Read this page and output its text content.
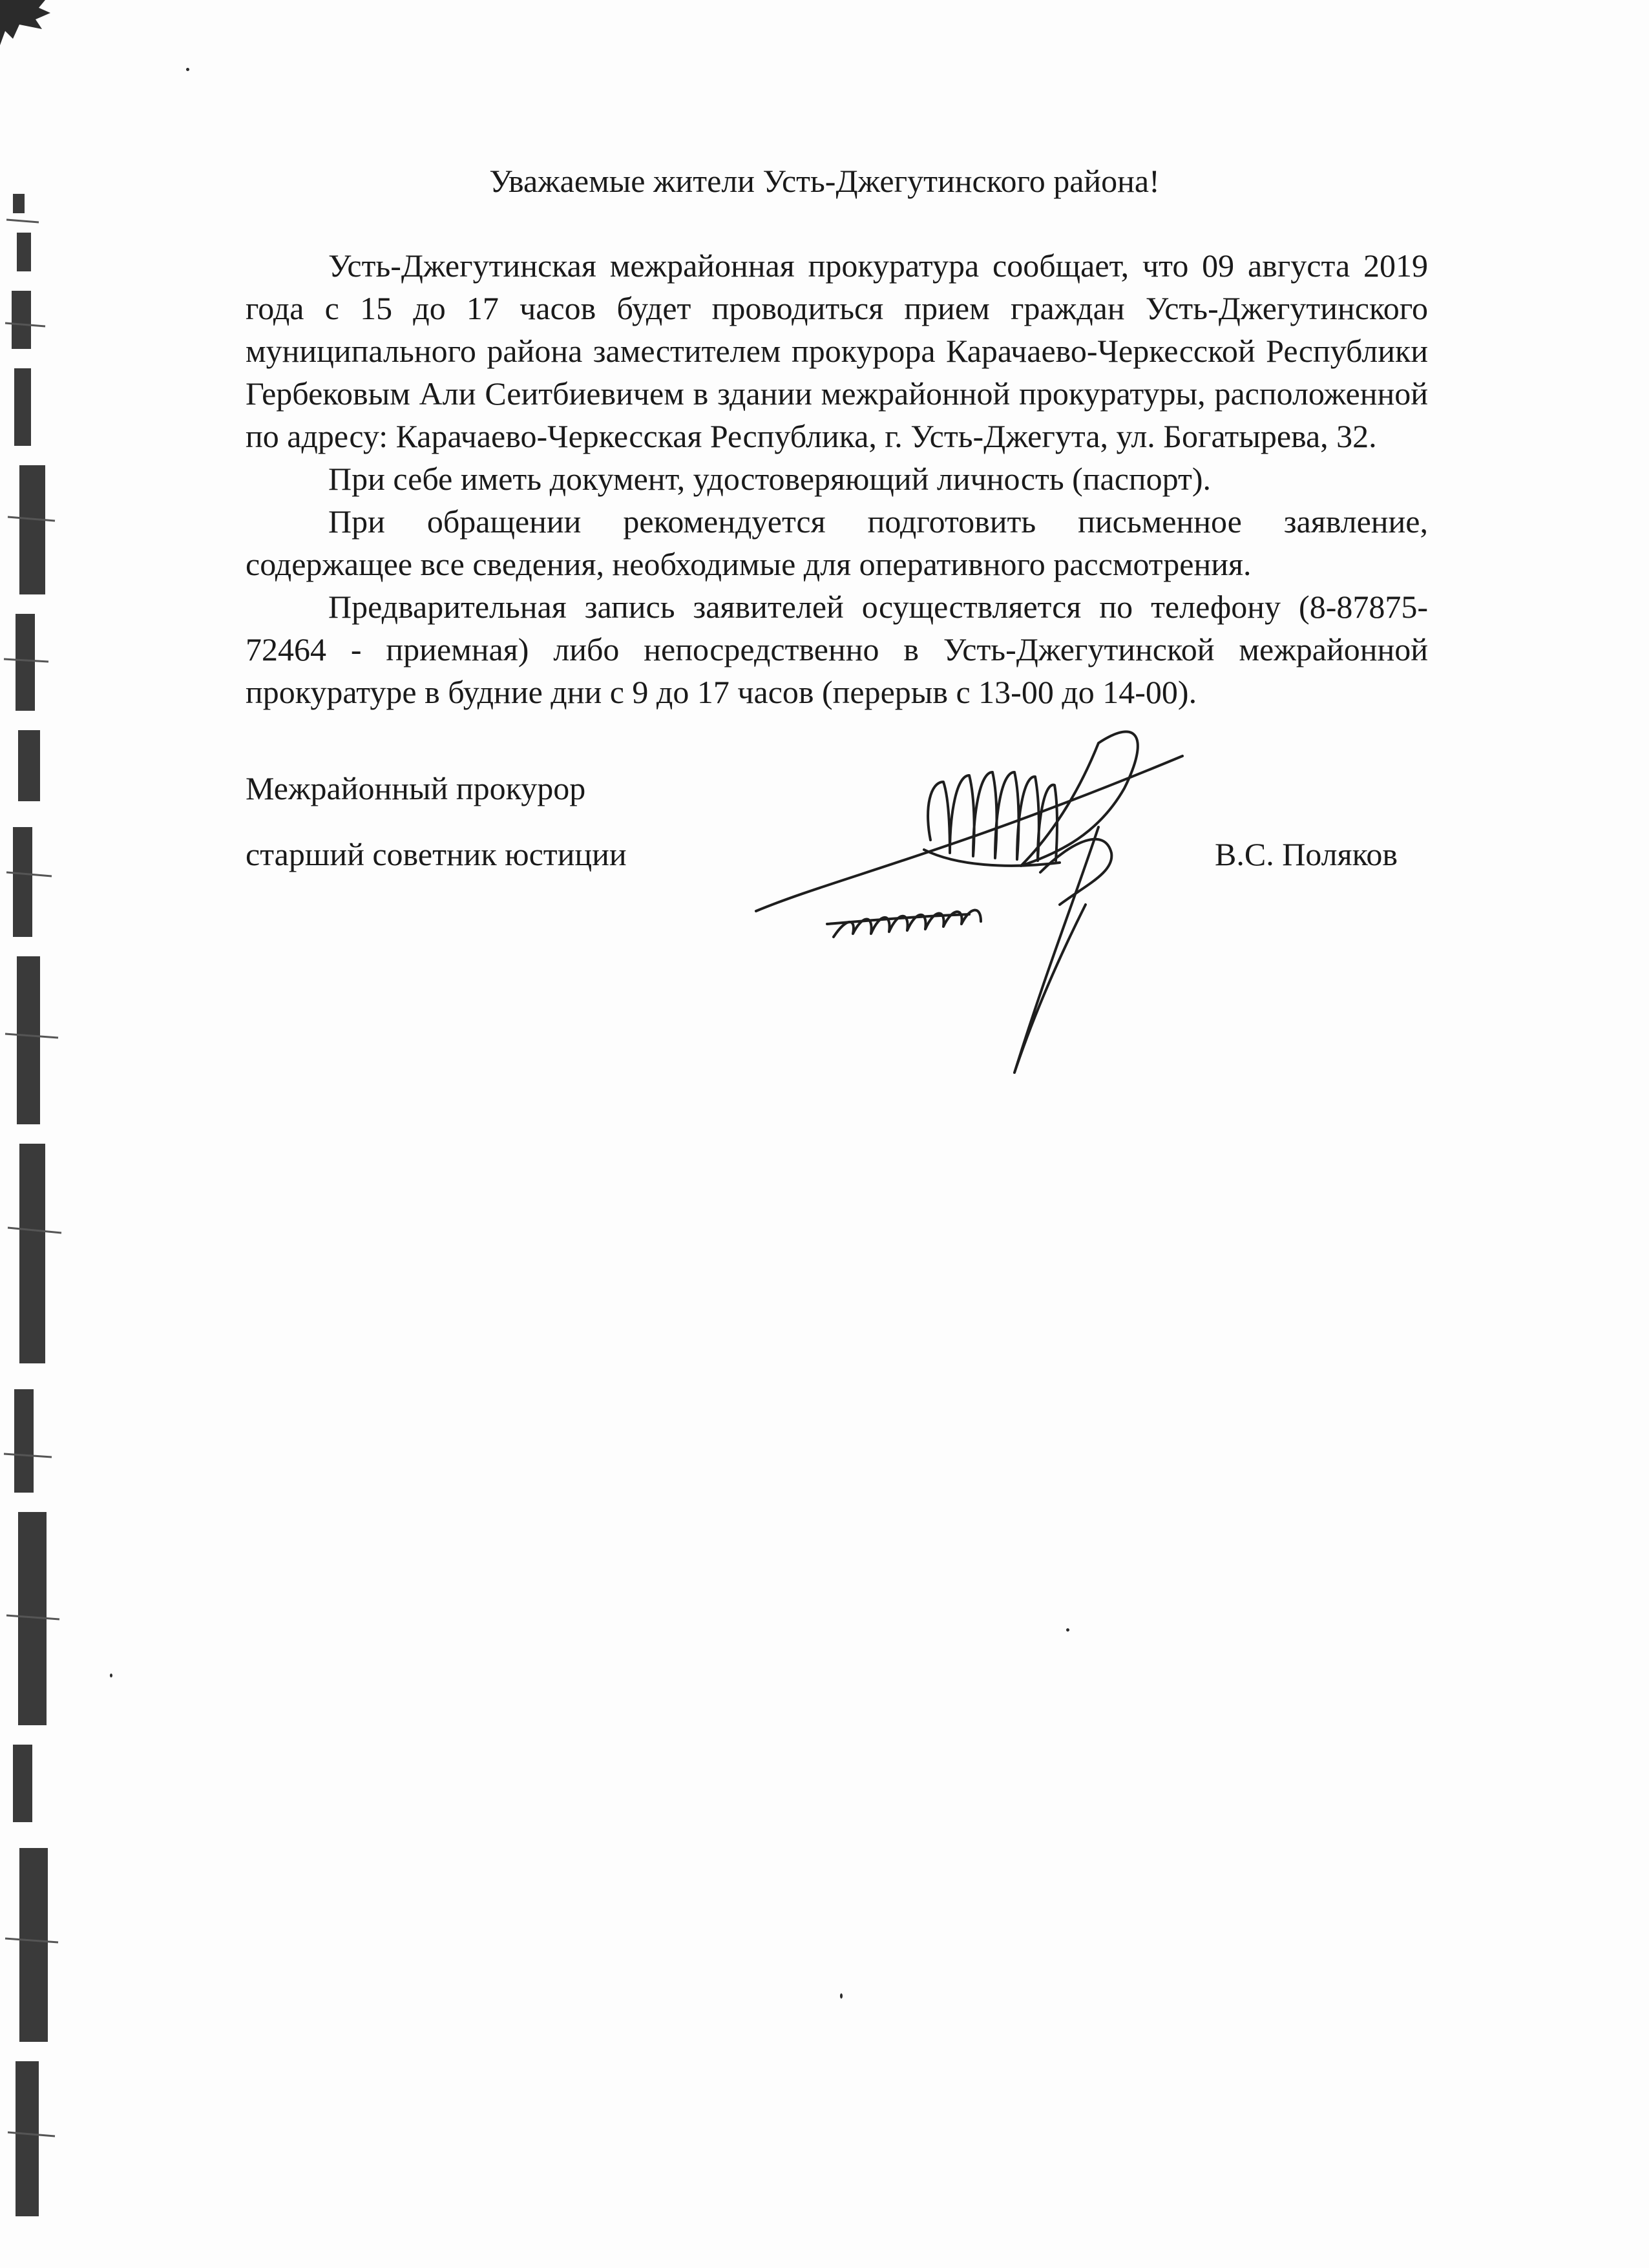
Уважаемые жители Усть-Джегутинского района!

Усть-Джегутинская межрайонная прокуратура сообщает, что 09 августа 2019 года с 15 до 17 часов будет проводиться прием граждан Усть-Джегутинского муниципального района заместителем прокурора Карачаево-Черкесской Республики Гербековым Али Сеитбиевичем в здании межрайонной прокуратуры, расположенной по адресу: Карачаево-Черкесская Республика, г. Усть-Джегута, ул. Богатырева, 32.

При себе иметь документ, удостоверяющий личность (паспорт).

При обращении рекомендуется подготовить письменное заявление, содержащее все сведения, необходимые для оперативного рассмотрения.

Предварительная запись заявителей осуществляется по телефону (8-87875-72464 - приемная) либо непосредственно в Усть-Джегутинской межрайонной прокуратуре в будние дни с 9 до 17 часов (перерыв с 13-00 до 14-00).

Межрайонный прокурор
старший советник юстиции	В.С. Поляков
